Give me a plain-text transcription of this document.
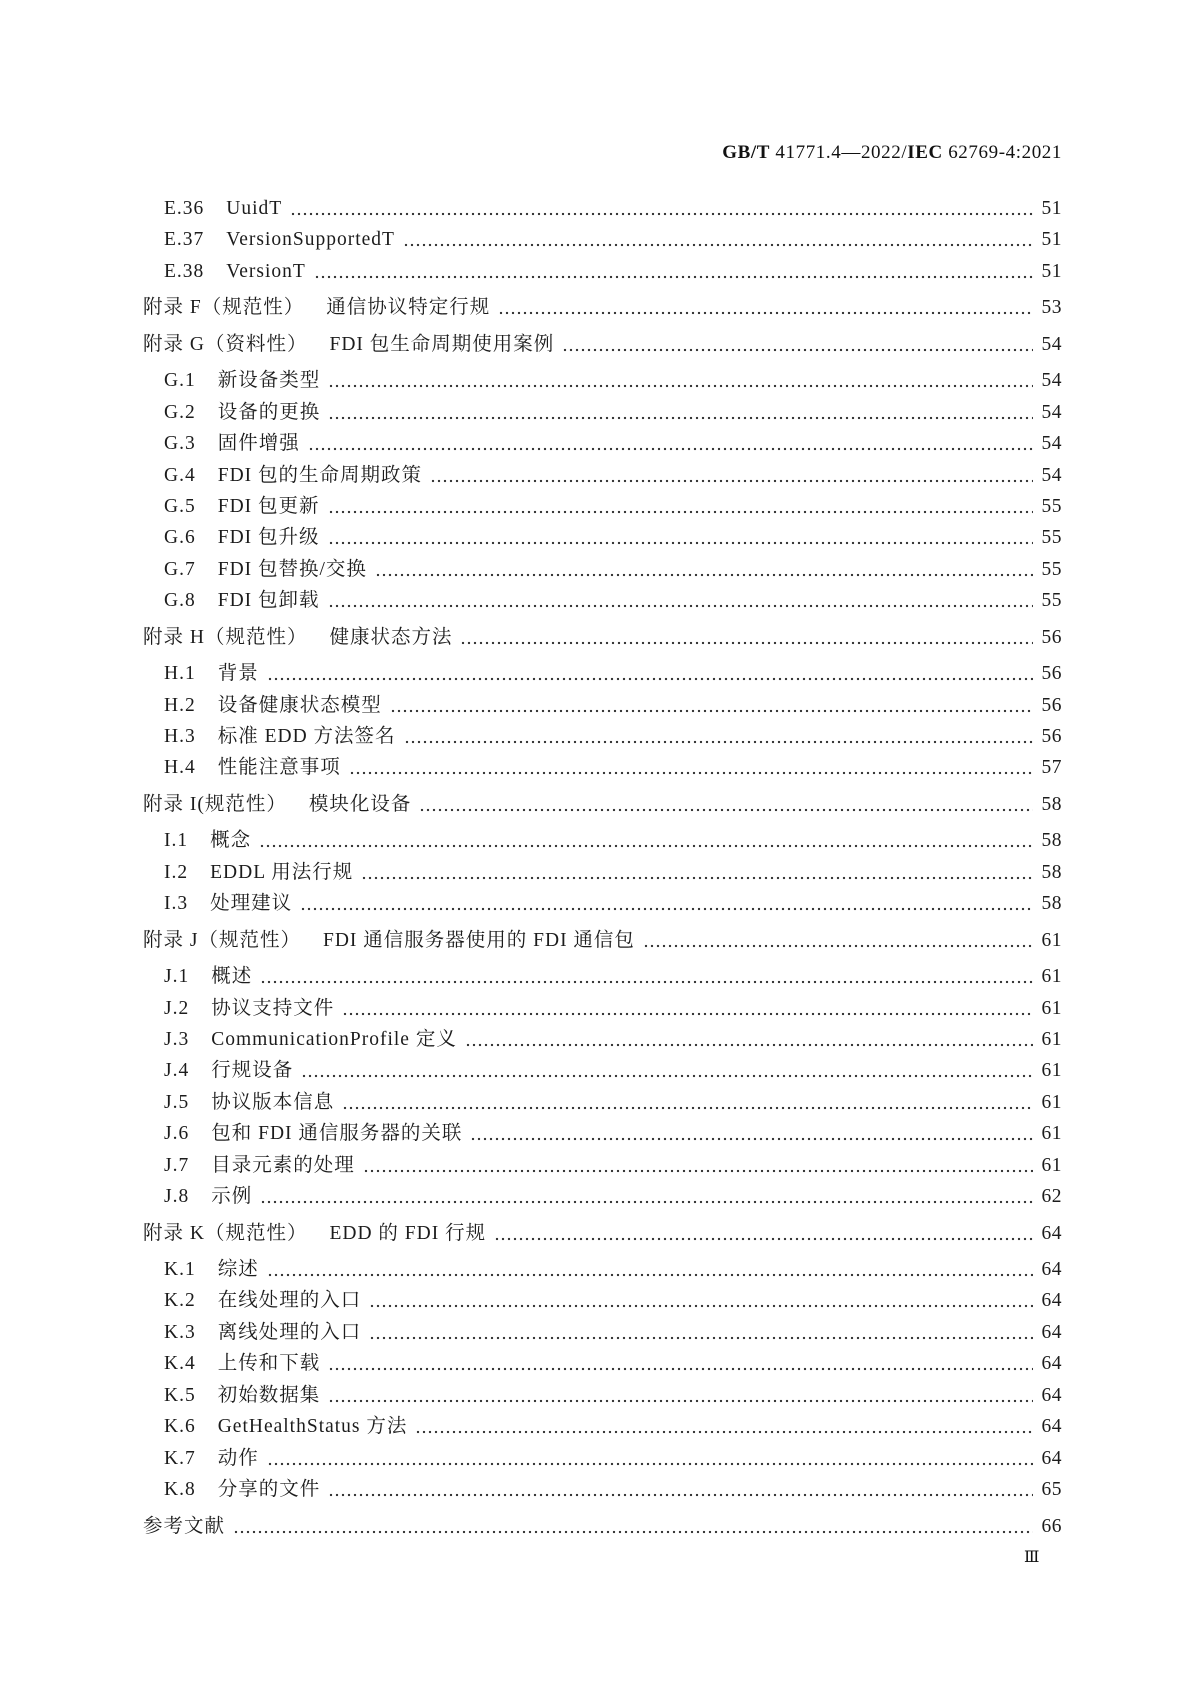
GB/T 41771.4—2022/IEC 62769-4:2021
E.36 UuidT	51
E.37 VersionSupportedT	51
E.38 VersionT	51
附录 F（规范性） 通信协议特定行规	53
附录 G（资料性） FDI 包生命周期使用案例	54
G.1 新设备类型	54
G.2 设备的更换	54
G.3 固件增强	54
G.4 FDI 包的生命周期政策	54
G.5 FDI 包更新	55
G.6 FDI 包升级	55
G.7 FDI 包替换/交换	55
G.8 FDI 包卸载	55
附录 H（规范性） 健康状态方法	56
H.1 背景	56
H.2 设备健康状态模型	56
H.3 标准 EDD 方法签名	56
H.4 性能注意事项	57
附录 I(规范性） 模块化设备	58
I.1 概念	58
I.2 EDDL 用法行规	58
I.3 处理建议	58
附录 J（规范性） FDI 通信服务器使用的 FDI 通信包	61
J.1 概述	61
J.2 协议支持文件	61
J.3 CommunicationProfile 定义	61
J.4 行规设备	61
J.5 协议版本信息	61
J.6 包和 FDI 通信服务器的关联	61
J.7 目录元素的处理	61
J.8 示例	62
附录 K（规范性） EDD 的 FDI 行规	64
K.1 综述	64
K.2 在线处理的入口	64
K.3 离线处理的入口	64
K.4 上传和下载	64
K.5 初始数据集	64
K.6 GetHealthStatus 方法	64
K.7 动作	64
K.8 分享的文件	65
参考文献	66
Ⅲ
